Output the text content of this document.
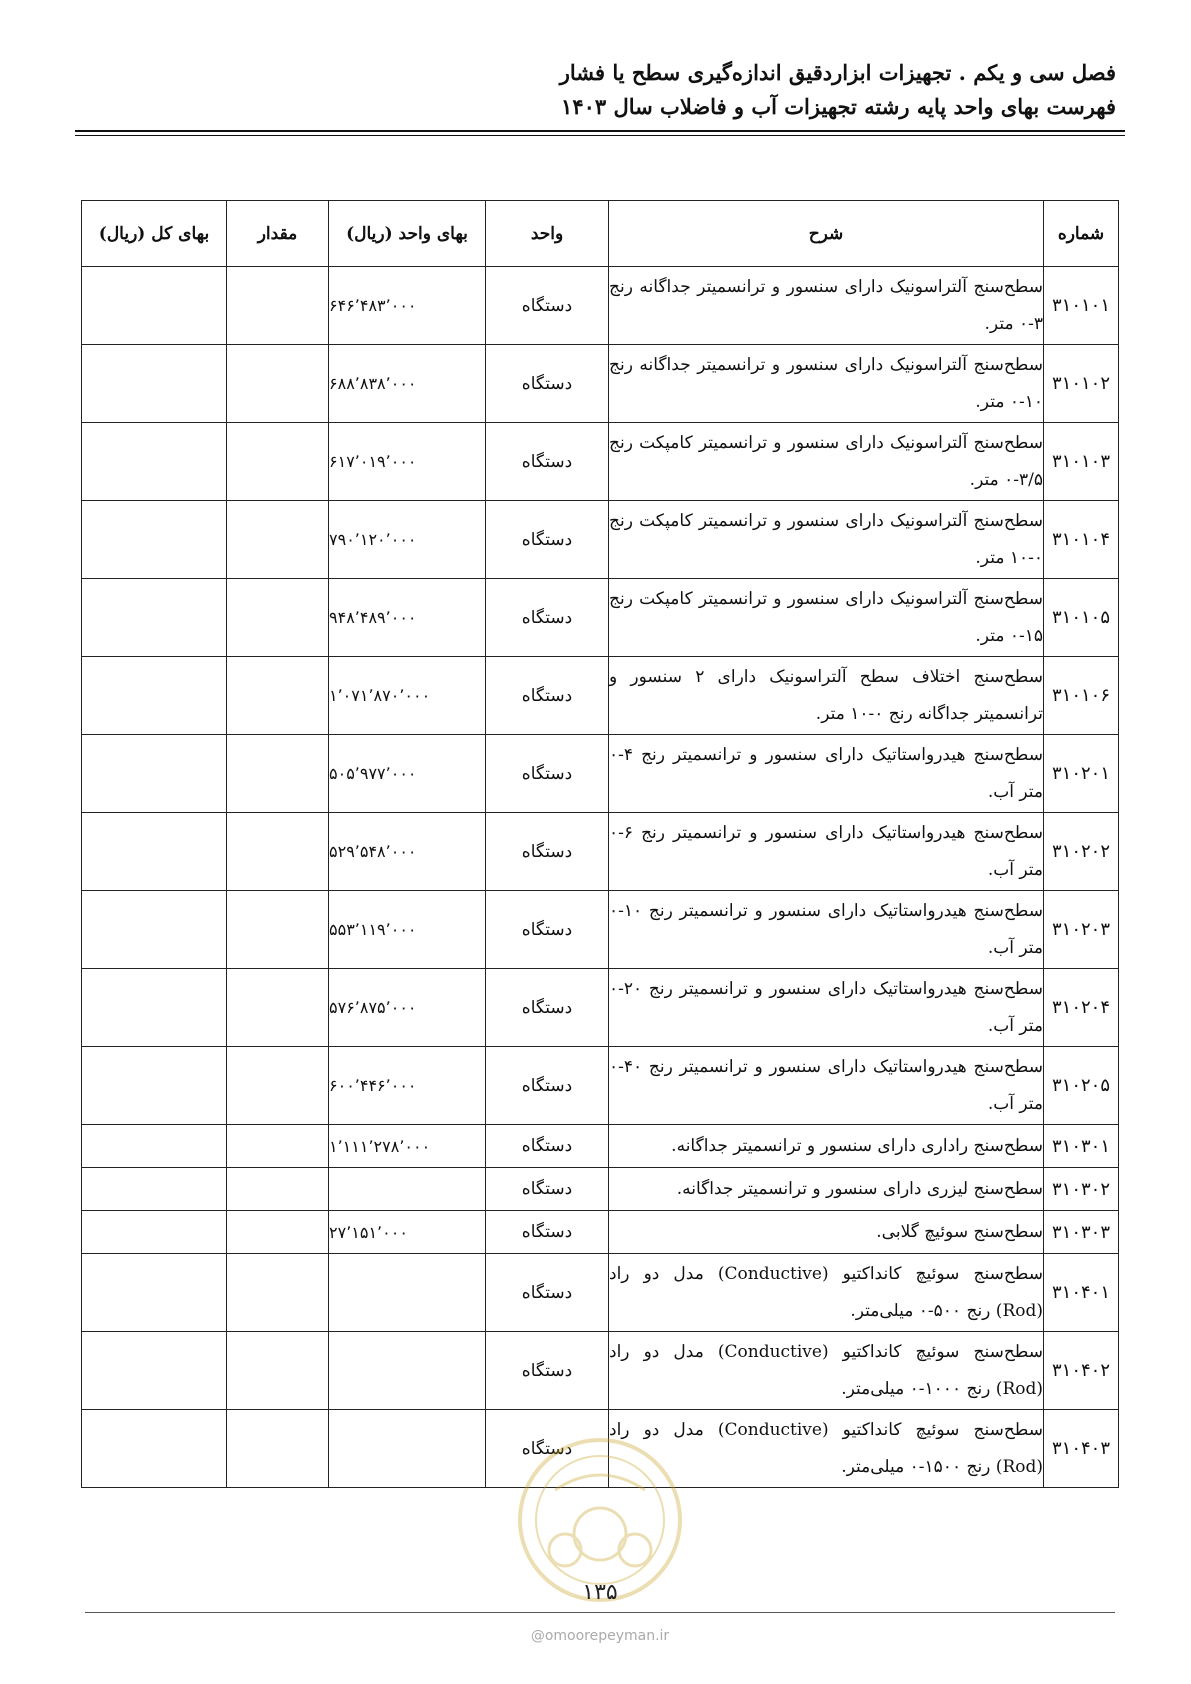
فصل سی و یکم . تجهیزات ابزاردقیق اندازه‌گیری سطح یا فشار
فهرست بهای واحد پایه رشته تجهیزات آب و فاضلاب سال ۱۴۰۳
شماره	شرح	واحد	بهای واحد (ریال)	مقدار	بهای کل (ریال)
۳۱۰۱۰۱	سطح‌سنج آلتراسونیک دارای سنسور و ترانسمیتر جداگانه رنج ۳-۰ متر.	دستگاه	۶۴۶٬۴۸۳٬۰۰۰		
۳۱۰۱۰۲	سطح‌سنج آلتراسونیک دارای سنسور و ترانسمیتر جداگانه رنج ۱۰-۰ متر.	دستگاه	۶۸۸٬۸۳۸٬۰۰۰		
۳۱۰۱۰۳	سطح‌سنج آلتراسونیک دارای سنسور و ترانسمیتر کامپکت رنج ۳/۵-۰ متر.	دستگاه	۶۱۷٬۰۱۹٬۰۰۰		
۳۱۰۱۰۴	سطح‌سنج آلتراسونیک دارای سنسور و ترانسمیتر کامپکت رنج ۰-۱۰ متر.	دستگاه	۷۹۰٬۱۲۰٬۰۰۰		
۳۱۰۱۰۵	سطح‌سنج آلتراسونیک دارای سنسور و ترانسمیتر کامپکت رنج ۱۵-۰ متر.	دستگاه	۹۴۸٬۴۸۹٬۰۰۰		
۳۱۰۱۰۶	سطح‌سنج اختلاف سطح آلتراسونیک دارای ۲ سنسور و ترانسمیتر جداگانه رنج ۰-۱۰ متر.	دستگاه	۱٬۰۷۱٬۸۷۰٬۰۰۰		
۳۱۰۲۰۱	سطح‌سنج هیدرواستاتیک دارای سنسور و ترانسمیتر رنج ۴-۰ متر آب.	دستگاه	۵۰۵٬۹۷۷٬۰۰۰		
۳۱۰۲۰۲	سطح‌سنج هیدرواستاتیک دارای سنسور و ترانسمیتر رنج ۶-۰ متر آب.	دستگاه	۵۲۹٬۵۴۸٬۰۰۰		
۳۱۰۲۰۳	سطح‌سنج هیدرواستاتیک دارای سنسور و ترانسمیتر رنج ۱۰-۰ متر آب.	دستگاه	۵۵۳٬۱۱۹٬۰۰۰		
۳۱۰۲۰۴	سطح‌سنج هیدرواستاتیک دارای سنسور و ترانسمیتر رنج ۲۰-۰ متر آب.	دستگاه	۵۷۶٬۸۷۵٬۰۰۰		
۳۱۰۲۰۵	سطح‌سنج هیدرواستاتیک دارای سنسور و ترانسمیتر رنج ۴۰-۰ متر آب.	دستگاه	۶۰۰٬۴۴۶٬۰۰۰		
۳۱۰۳۰۱	سطح‌سنج راداری دارای سنسور و ترانسمیتر جداگانه.	دستگاه	۱٬۱۱۱٬۲۷۸٬۰۰۰		
۳۱۰۳۰۲	سطح‌سنج لیزری دارای سنسور و ترانسمیتر جداگانه.	دستگاه			
۳۱۰۳۰۳	سطح‌سنج سوئیچ گلابی.	دستگاه	۲۷٬۱۵۱٬۰۰۰		
۳۱۰۴۰۱	سطح‌سنج سوئیچ کانداکتیو (Conductive) مدل دو راد (Rod) رنج ۵۰۰-۰ میلی‌متر.	دستگاه			
۳۱۰۴۰۲	سطح‌سنج سوئیچ کانداکتیو (Conductive) مدل دو راد (Rod) رنج ۱۰۰۰-۰ میلی‌متر.	دستگاه			
۳۱۰۴۰۳	سطح‌سنج سوئیچ کانداکتیو (Conductive) مدل دو راد (Rod) رنج ۱۵۰۰-۰ میلی‌متر.	دستگاه			
۱۳۵
@omoorepeyman.ir
